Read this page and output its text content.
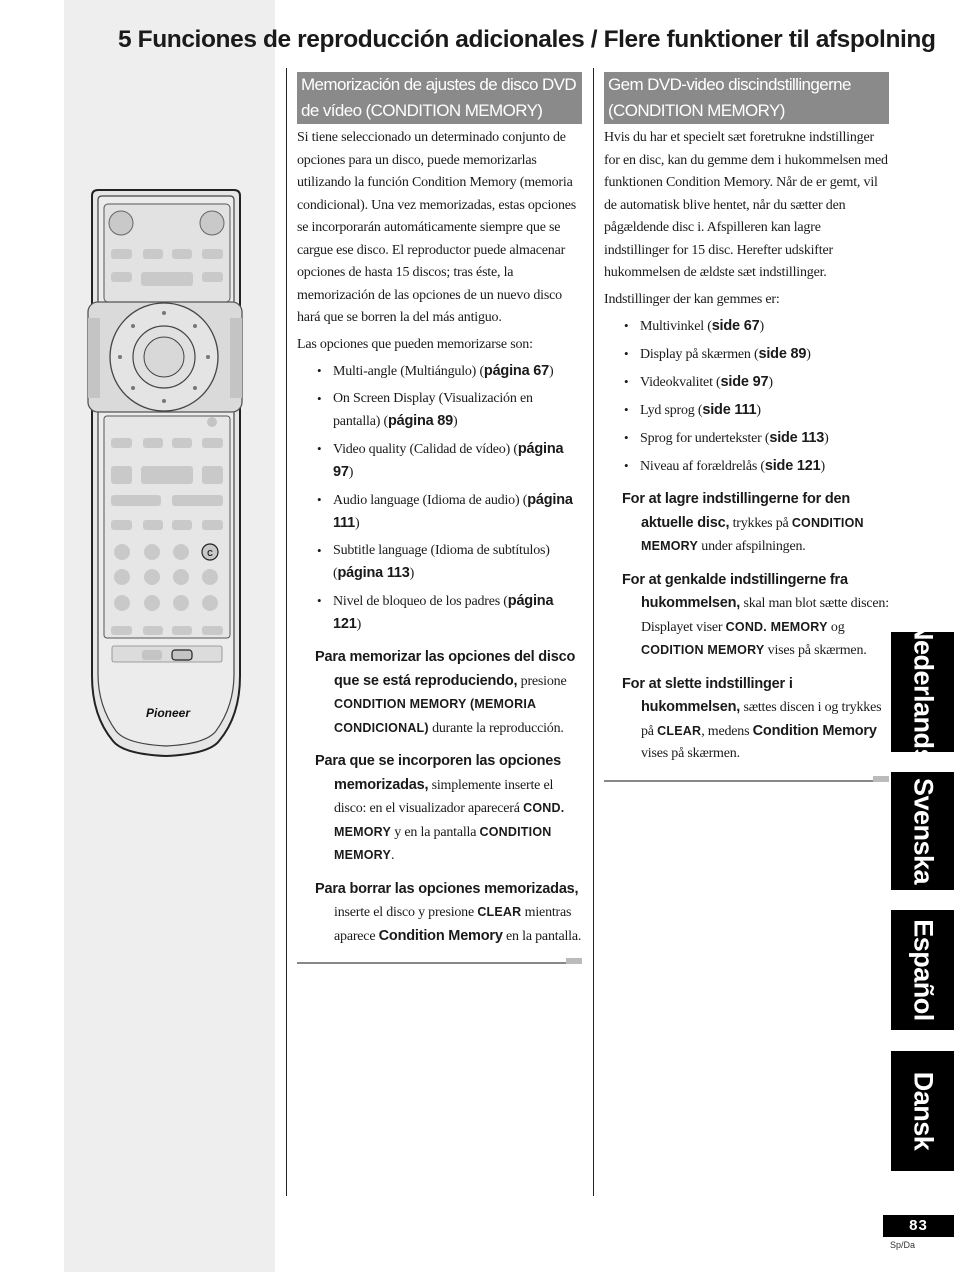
5 Funciones de reproducción adicionales / Flere funktioner til afspolning
C
Pioneer
Memorización de ajustes de disco DVD de vídeo (CONDITION MEMORY)

Si tiene seleccionado un determinado conjunto de opciones para un disco, puede memorizarlas utilizando la función Condition Memory (memoria condicional). Una vez memorizadas, estas opciones se incorporarán automáticamente siempre que se cargue ese disco. El reproductor puede almacenar opciones de hasta 15 discos; tras éste, la memorización de las opciones de un nuevo disco hará que se borren la del más antiguo.

Las opciones que pueden memorizarse son:

• Multi-angle (Multiángulo) (página 67)
• On Screen Display (Visualización en pantalla) (página 89)
• Video quality (Calidad de vídeo) (página 97)
• Audio language (Idioma de audio) (página 111)
• Subtitle language (Idioma de subtítulos) (página 113)
• Nivel de bloqueo de los padres (página 121)

Para memorizar las opciones del disco que se está reproduciendo, presione CONDITION MEMORY (MEMORIA CONDICIONAL) durante la reproducción.

Para que se incorporen las opciones memorizadas, simplemente inserte el disco: en el visualizador aparecerá COND. MEMORY y en la pantalla CONDITION MEMORY.

Para borrar las opciones memorizadas, inserte el disco y presione CLEAR mientras aparece Condition Memory en la pantalla.

Gem DVD-video discindstillingerne (CONDITION MEMORY)

Hvis du har et specielt sæt foretrukne indstillinger for en disc, kan du gemme dem i hukommelsen med funktionen Condition Memory. Når de er gemt, vil de automatisk blive hentet, når du sætter den pågældende disc i. Afspilleren kan lagre indstillinger for 15 disc. Herefter udskifter hukommelsen de ældste sæt indstillinger.

Indstillinger der kan gemmes er:

• Multivinkel (side 67)
• Display på skærmen (side 89)
• Videokvalitet (side 97)
• Lyd sprog (side 111)
• Sprog for undertekster (side 113)
• Niveau af forældrelås (side 121)

For at lagre indstillingerne for den aktuelle disc, trykkes på CONDITION MEMORY under afspilningen.

For at genkalde indstillingerne fra hukommelsen, skal man blot sætte discen: Displayet viser COND. MEMORY og CODITION MEMORY vises på skærmen.

For at slette indstillinger i hukommelsen, sættes discen i og trykkes på CLEAR, medens Condition Memory vises på skærmen.	Nederlands
Svenska
Español
Dansk
83
Sp/Da
